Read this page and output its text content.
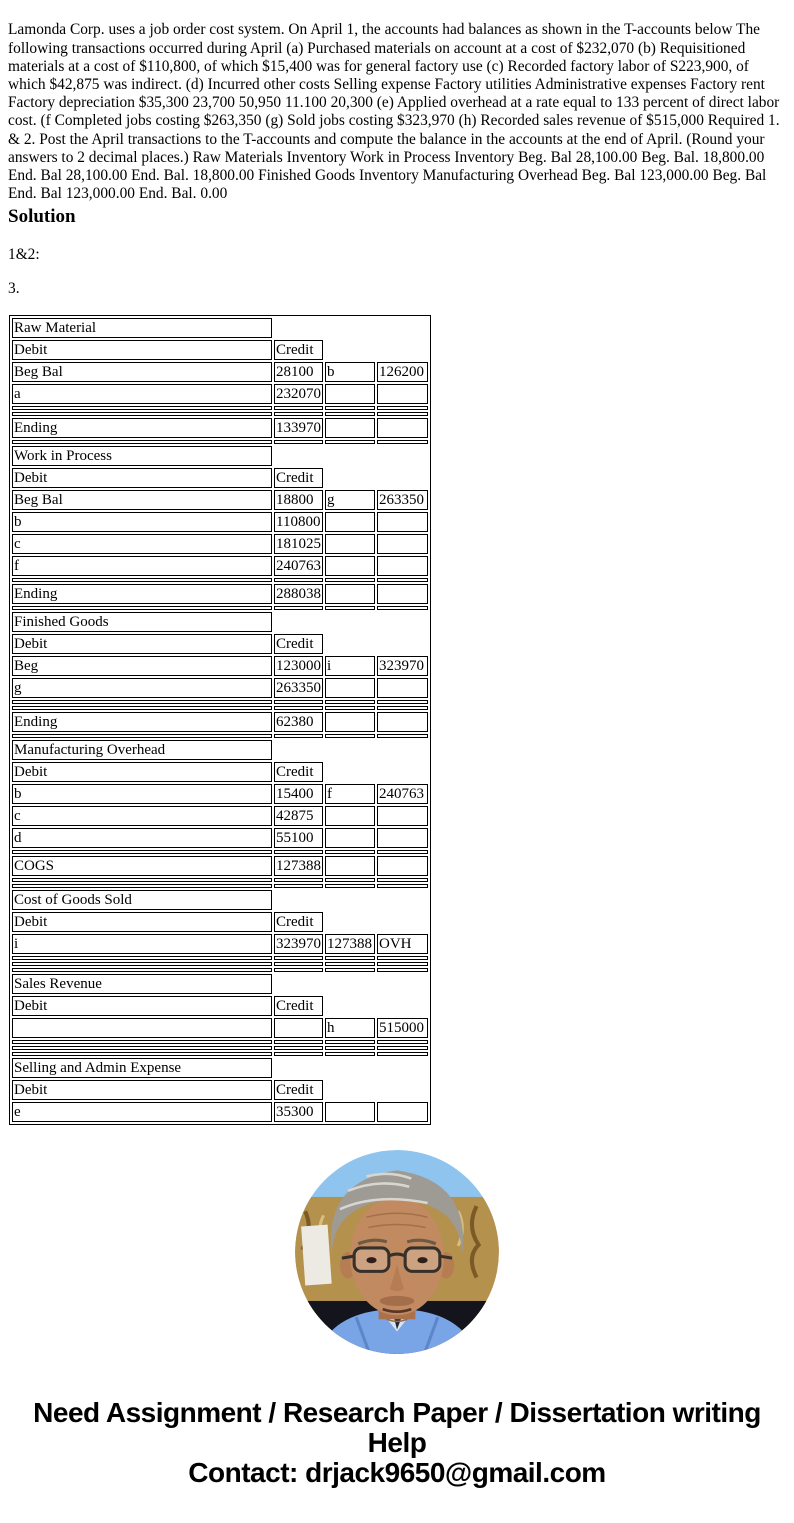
Lamonda Corp. uses a job order cost system. On April 1, the accounts had balances as shown in the T-accounts below The following transactions occurred during April (a) Purchased materials on account at a cost of $232,070 (b) Requisitioned materials at a cost of $110,800, of which $15,400 was for general factory use (c) Recorded factory labor of S223,900, of which $42,875 was indirect. (d) Incurred other costs Selling expense Factory utilities Administrative expenses Factory rent Factory depreciation $35,300 23,700 50,950 11.100 20,300 (e) Applied overhead at a rate equal to 133 percent of direct labor cost. (f Completed jobs costing $263,350 (g) Sold jobs costing $323,970 (h) Recorded sales revenue of $515,000 Required 1. & 2. Post the April transactions to the T-accounts and compute the balance in the accounts at the end of April. (Round your answers to 2 decimal places.) Raw Materials Inventory Work in Process Inventory Beg. Bal 28,100.00 Beg. Bal. 18,800.00 End. Bal 28,100.00 End. Bal. 18,800.00 Finished Goods Inventory Manufacturing Overhead Beg. Bal 123,000.00 Beg. Bal End. Bal 123,000.00 End. Bal. 0.00

Solution
1&2:
3.
Raw Material			
Debit	Credit		
Beg Bal	28100	b	126200
a	232070		

Ending	133970		

Work in Process			
Debit	Credit		
Beg Bal	18800	g	263350
b	110800		
c	181025		
f	240763		

Ending	288038		

Finished Goods			
Debit	Credit		
Beg	123000	i	323970
g	263350		

Ending	62380		

Manufacturing Overhead			
Debit	Credit		
b	15400	f	240763
c	42875		
d	55100		

COGS	127388		

Cost of Goods Sold			
Debit	Credit		
i	323970	127388	OVH

Sales Revenue			
Debit	Credit		
		h	515000

Selling and Admin Expense			
Debit	Credit		
e	35300		
Need Assignment / Research Paper / Dissertation writing Help
Contact: drjack9650@gmail.com
